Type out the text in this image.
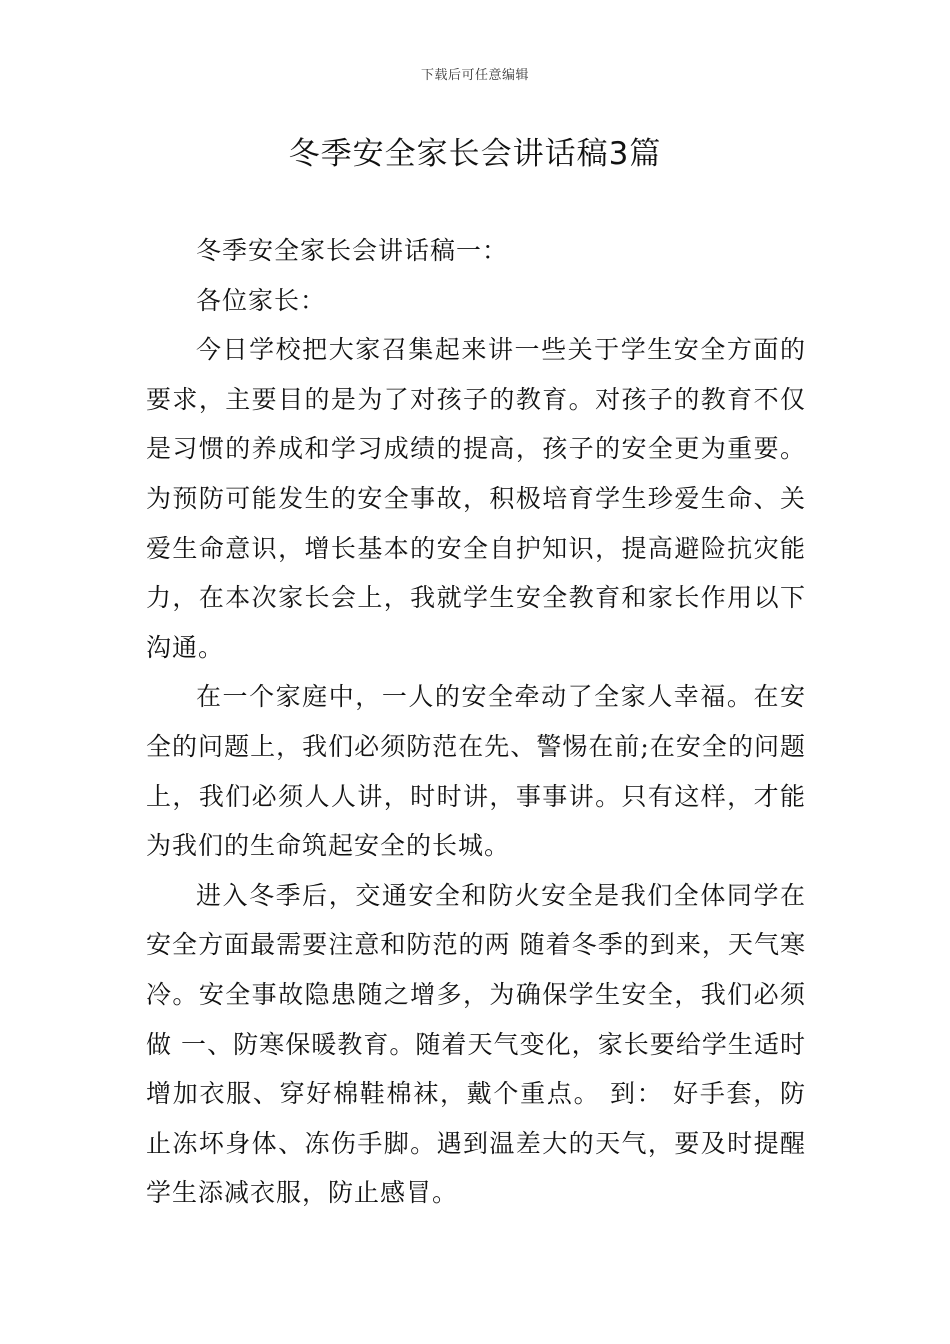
下载后可任意编辑
冬季安全家长会讲话稿3篇

冬季安全家长会讲话稿一：

各位家长：

今日学校把大家召集起来讲一些关于学生安全方面的要求，主要目的是为了对孩子的教育。对孩子的教育不仅是习惯的养成和学习成绩的提高，孩子的安全更为重要。为预防可能发生的安全事故，积极培育学生珍爱生命、关爱生命意识，增长基本的安全自护知识，提高避险抗灾能力，在本次家长会上，我就学生安全教育和家长作用以下沟通。

在一个家庭中，一人的安全牵动了全家人幸福。在安全的问题上，我们必须防范在先、警惕在前;在安全的问题上，我们必须人人讲，时时讲，事事讲。只有这样，才能为我们的生命筑起安全的长城。

进入冬季后，交通安全和防火安全是我们全体同学在安全方面最需要注意和防范的两 随着冬季的到来，天气寒冷。安全事故隐患随之增多，为确保学生安全，我们必须做 一、防寒保暖教育。随着天气变化，家长要给学生适时增加衣服、穿好棉鞋棉袜，戴个重点。 到： 好手套，防止冻坏身体、冻伤手脚。遇到温差大的天气，要及时提醒学生添减衣服，防止感冒。
